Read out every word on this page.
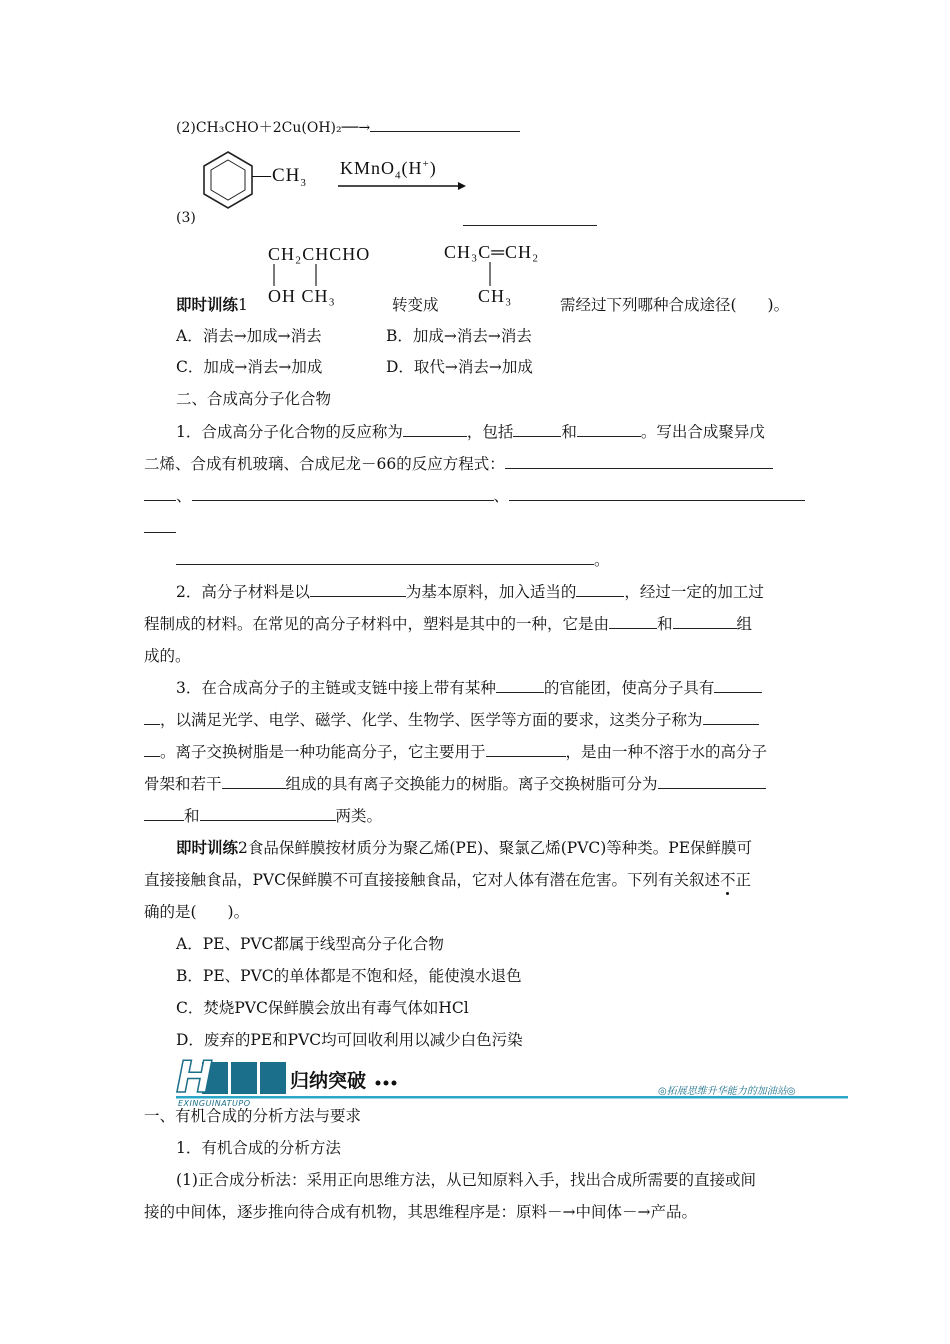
(2)CH₃CHO＋2Cu(OH)₂──→
$—CH_3$
KMnO$_4$(H+)
(3)
CH₂CHCHO
OH CH₃
CH₃C═CH₂
CH₃
即时训练1	转变成	需经过下列哪种合成途径(　　)。
A．消去→加成→消去	B．加成→消去→消去
C．加成→消去→加成	D．取代→消去→加成
二、合成高分子化合物
1．合成高分子化合物的反应称为	，包括	和	。写出合成聚异戊
二烯、合成有机玻璃、合成尼龙－66的反应方程式：
、	、
。
2．高分子材料是以	为基本原料，加入适当的	，经过一定的加工过
程制成的材料。在常见的高分子材料中，塑料是其中的一种，它是由	和	组
成的。
3．在合成高分子的主链或支链中接上带有某种	的官能团，使高分子具有
，以满足光学、电学、磁学、化学、生物学、医学等方面的要求，这类分子称为
。离子交换树脂是一种功能高分子，它主要用于	，是由一种不溶于水的高分子
骨架和若干	组成的具有离子交换能力的树脂。离子交换树脂可分为
和	两类。
即时训练2食品保鲜膜按材质分为聚乙烯(PE)、聚氯乙烯(PVC)等种类。PE保鲜膜可
直接接触食品，PVC保鲜膜不可直接接触食品，它对人体有潜在危害。下列有关叙述不正
确的是(　　)。
A．PE、PVC都属于线型高分子化合物
B．PE、PVC的单体都是不饱和烃，能使溴水退色
C．焚烧PVC保鲜膜会放出有毒气体如HCl
D．废弃的PE和PVC均可回收利用以减少白色污染
H	归纳突破
EXINGUINATUPO
◎拓展思维升华能力的加油站◎
一、有机合成的分析方法与要求
1．有机合成的分析方法
(1)正合成分析法：采用正向思维方法，从已知原料入手，找出合成所需要的直接或间
接的中间体，逐步推向待合成有机物，其思维程序是：原料－→中间体－→产品。
